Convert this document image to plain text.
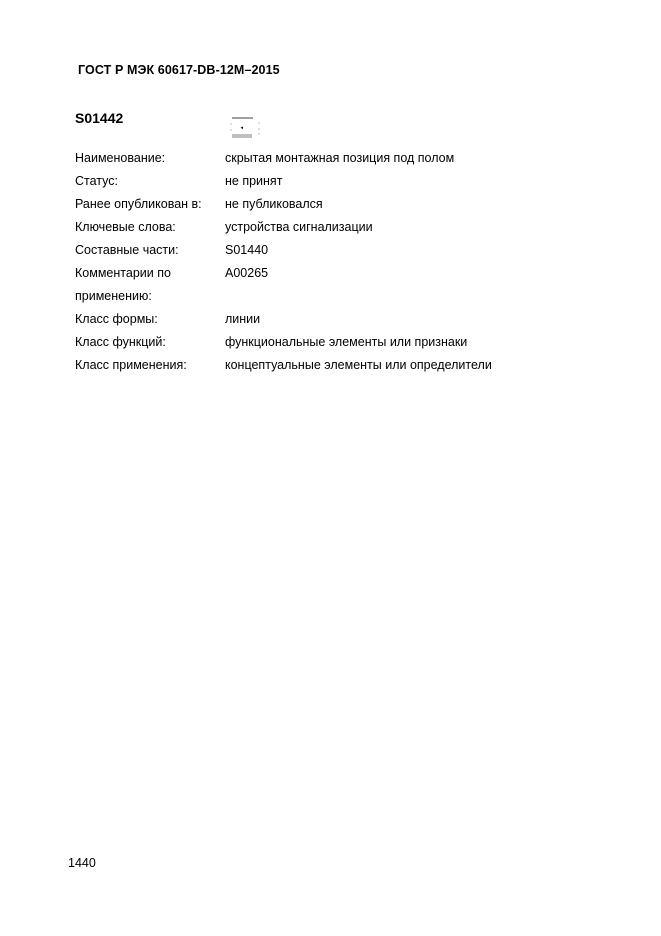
ГОСТ Р МЭК 60617-DB-12M–2015
S01442
Наименование:	скрытая монтажная позиция под полом
Статус:	не принят
Ранее опубликован в:	не публиковался
Ключевые слова:	устройства сигнализации
Составные части:	S01440
Комментарии по	A00265
применению:
Класс формы:	линии
Класс функций:	функциональные элементы или признаки
Класс применения:	концептуальные элементы или определители
1440
